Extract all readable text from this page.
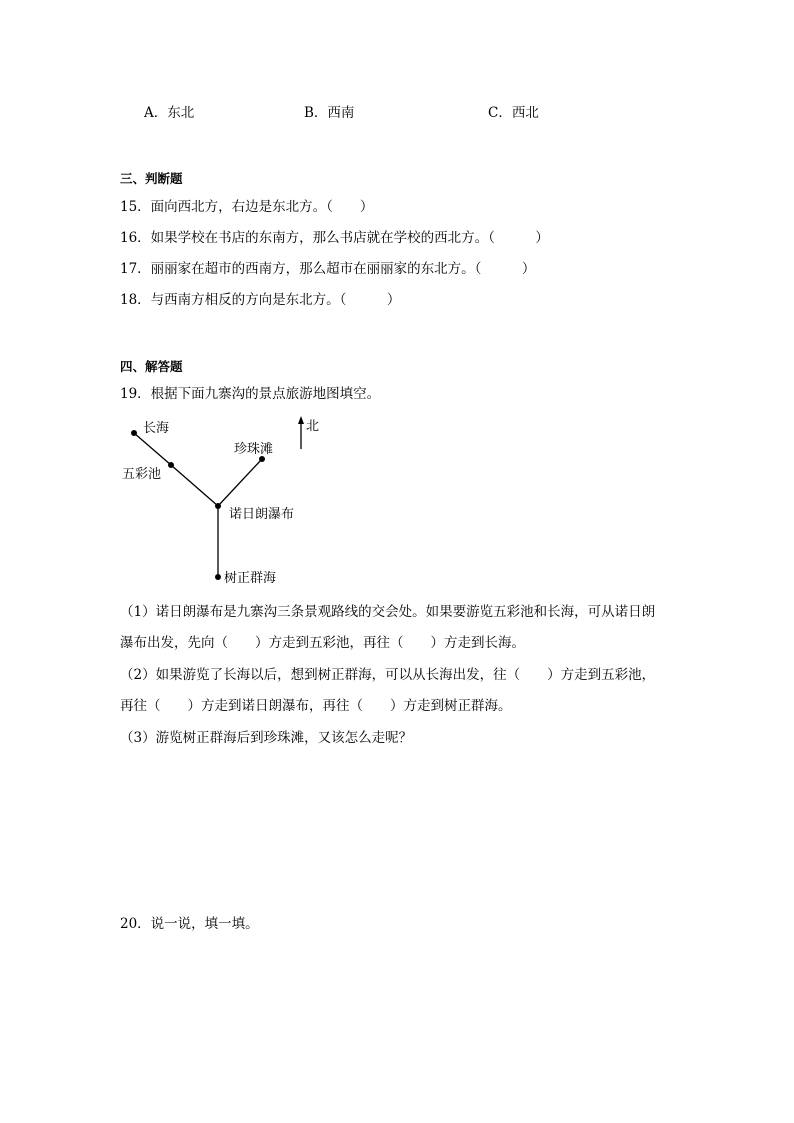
A．东北	B．西南	C．西北
三、判断题
15．面向西北方，右边是东北方。（　　）
16．如果学校在书店的东南方，那么书店就在学校的西北方。（　　　）
17．丽丽家在超市的西南方，那么超市在丽丽家的东北方。（　　　）
18．与西南方相反的方向是东北方。（　　　）
四、解答题
19．根据下面九寨沟的景点旅游地图填空。
长海
五彩池
珍珠滩
诺日朗瀑布
树正群海
北
（1）诺日朗瀑布是九寨沟三条景观路线的交会处。如果要游览五彩池和长海，可从诺日朗
瀑布出发，先向（　　）方走到五彩池，再往（　　）方走到长海。
（2）如果游览了长海以后，想到树正群海，可以从长海出发，往（　　）方走到五彩池，
再往（　　）方走到诺日朗瀑布，再往（　　）方走到树正群海。
（3）游览树正群海后到珍珠滩，又该怎么走呢？
20．说一说，填一填。
